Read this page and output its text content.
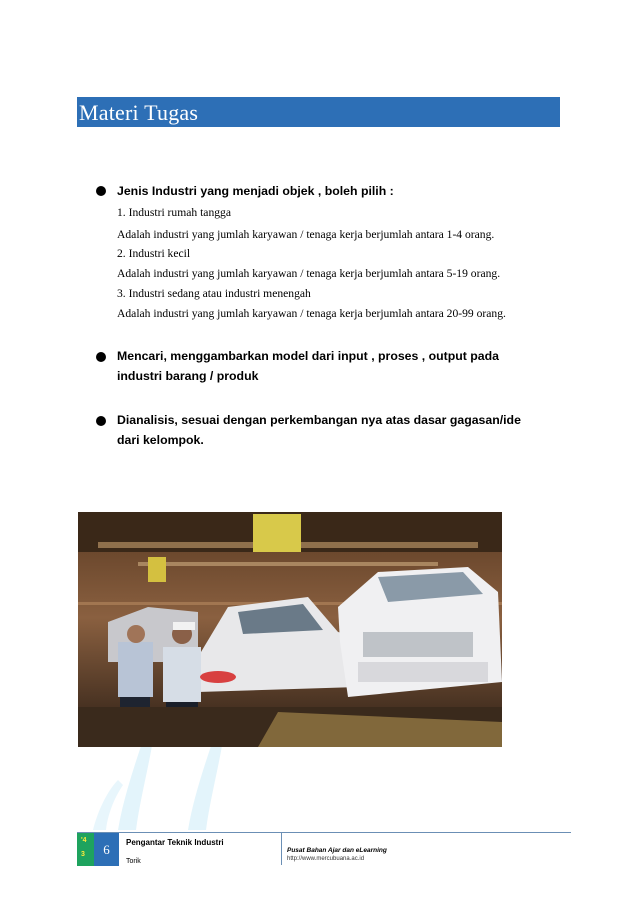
Materi Tugas
Jenis Industri yang menjadi objek , boleh pilih :
1. Industri rumah tangga
Adalah industri yang jumlah karyawan / tenaga kerja berjumlah antara 1-4 orang.
2. Industri kecil
Adalah industri yang jumlah karyawan / tenaga kerja berjumlah antara 5-19 orang.
3. Industri sedang atau industri menengah
Adalah industri yang jumlah karyawan / tenaga kerja berjumlah antara 20-99 orang.
Mencari, menggambarkan model dari input , proses , output pada industri barang / produk
Dianalisis, sesuai dengan perkembangan nya atas dasar gagasan/ide dari kelompok.
'4
3	6	Pengantar Teknik Industri
Torik
Pusat Bahan Ajar dan eLearning
http://www.mercubuana.ac.id
